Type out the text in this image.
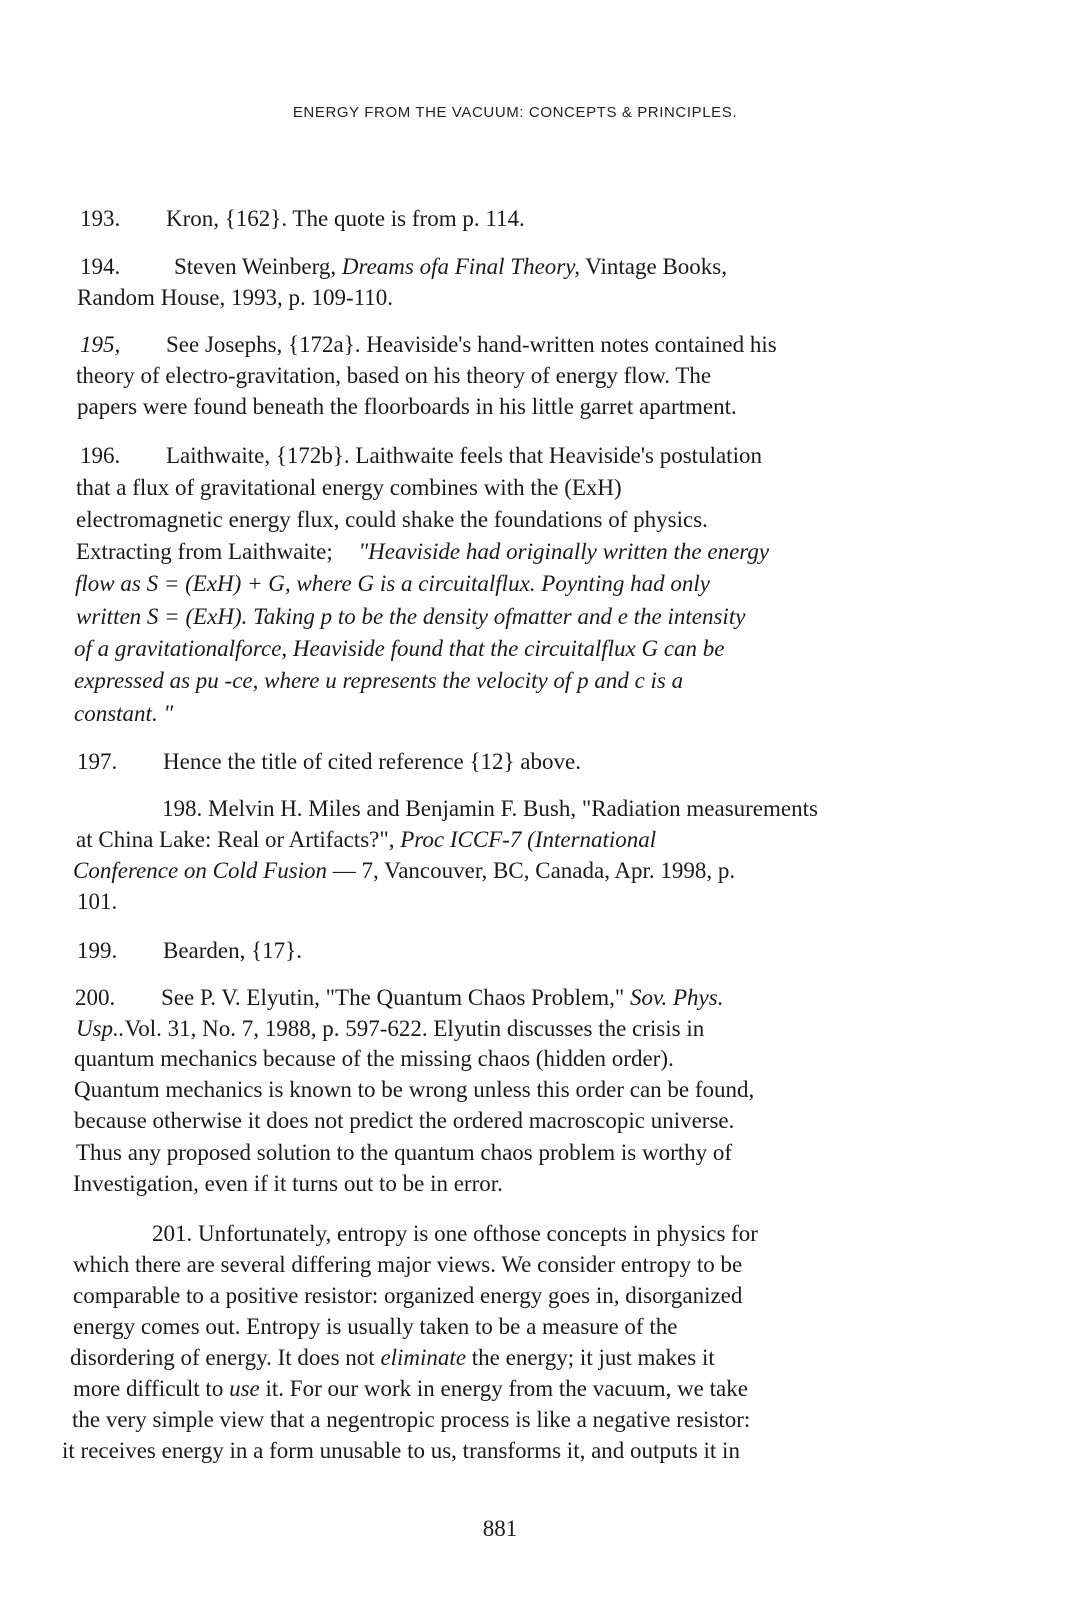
ENERGY FROM THE VACUUM: CONCEPTS & PRINCIPLES.
193. Kron, {162}. The quote is from p. 114.
194. Steven Weinberg, Dreams ofa Final Theory, Vintage Books,
Random House, 1993, p. 109-110.
195, See Josephs, {172a}. Heaviside's hand-written notes contained his
theory of electro-gravitation, based on his theory of energy flow. The
papers were found beneath the floorboards in his little garret apartment.
196. Laithwaite, {172b}. Laithwaite feels that Heaviside's postulation
that a flux of gravitational energy combines with the (ExH)
electromagnetic energy flux, could shake the foundations of physics.
Extracting from Laithwaite; "Heaviside had originally written the energy
flow as S = (ExH) + G, where G is a circuitalflux. Poynting had only
written S = (ExH). Taking p to be the density ofmatter and e the intensity
of a gravitationalforce, Heaviside found that the circuitalflux G can be
expressed as pu -ce, where u represents the velocity of p and c is a
constant. "
197. Hence the title of cited reference {12} above.
198. Melvin H. Miles and Benjamin F. Bush, "Radiation measurements
at China Lake: Real or Artifacts?", Proc ICCF-7 (International
Conference on Cold Fusion — 7, Vancouver, BC, Canada, Apr. 1998, p.
101.
199. Bearden, {17}.
200. See P. V. Elyutin, "The Quantum Chaos Problem," Sov. Phys.
Usp..Vol. 31, No. 7, 1988, p. 597-622. Elyutin discusses the crisis in
quantum mechanics because of the missing chaos (hidden order).
Quantum mechanics is known to be wrong unless this order can be found,
because otherwise it does not predict the ordered macroscopic universe.
Thus any proposed solution to the quantum chaos problem is worthy of
Investigation, even if it turns out to be in error.
201. Unfortunately, entropy is one ofthose concepts in physics for
which there are several differing major views. We consider entropy to be
comparable to a positive resistor: organized energy goes in, disorganized
energy comes out. Entropy is usually taken to be a measure of the
disordering of energy. It does not eliminate the energy; it just makes it
more difficult to use it. For our work in energy from the vacuum, we take
the very simple view that a negentropic process is like a negative resistor:
it receives energy in a form unusable to us, transforms it, and outputs it in
881
